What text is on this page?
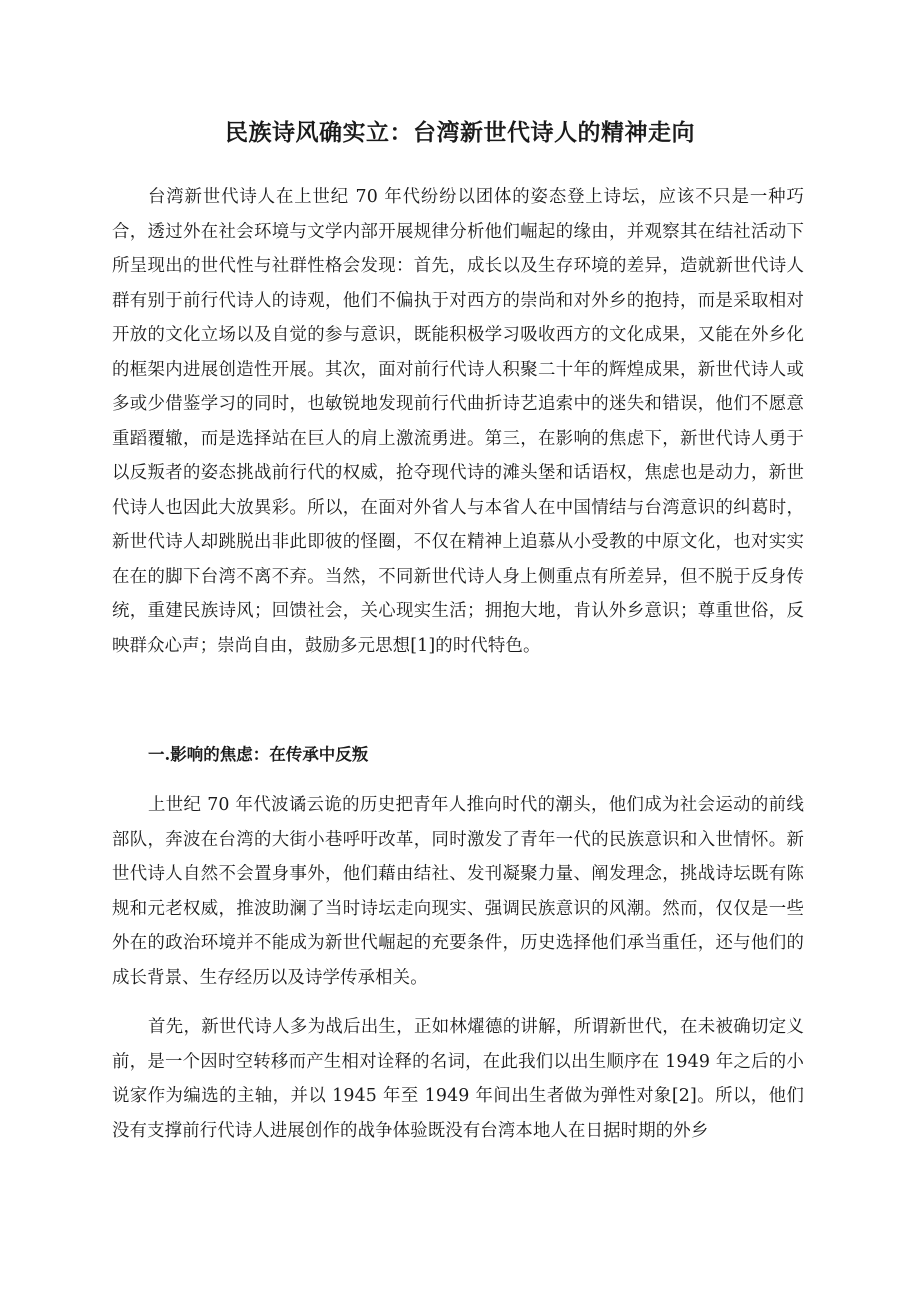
民族诗风确实立：台湾新世代诗人的精神走向

台湾新世代诗人在上世纪 70 年代纷纷以团体的姿态登上诗坛，应该不只是一种巧合，透过外在社会环境与文学内部开展规律分析他们崛起的缘由，并观察其在结社活动下所呈现出的世代性与社群性格会发现：首先，成长以及生存环境的差异，造就新世代诗人群有别于前行代诗人的诗观，他们不偏执于对西方的崇尚和对外乡的抱持，而是采取相对开放的文化立场以及自觉的参与意识，既能积极学习吸收西方的文化成果，又能在外乡化的框架内进展创造性开展。其次，面对前行代诗人积聚二十年的辉煌成果，新世代诗人或多或少借鉴学习的同时，也敏锐地发现前行代曲折诗艺追索中的迷失和错误，他们不愿意重蹈覆辙，而是选择站在巨人的肩上激流勇进。第三，在影响的焦虑下，新世代诗人勇于以反叛者的姿态挑战前行代的权威，抢夺现代诗的滩头堡和话语权，焦虑也是动力，新世代诗人也因此大放異彩。所以，在面对外省人与本省人在中国情结与台湾意识的纠葛时，新世代诗人却跳脱出非此即彼的怪圈，不仅在精神上追慕从小受教的中原文化，也对实实在在的脚下台湾不离不弃。当然，不同新世代诗人身上侧重点有所差异，但不脱于反身传统，重建民族诗风；回馈社会，关心现实生活；拥抱大地，肯认外乡意识；尊重世俗，反映群众心声；崇尚自由，鼓励多元思想[1]的时代特色。

一.影响的焦虑：在传承中反叛

上世纪 70 年代波谲云诡的历史把青年人推向时代的潮头，他们成为社会运动的前线部队，奔波在台湾的大街小巷呼吁改革，同时激发了青年一代的民族意识和入世情怀。新世代诗人自然不会置身事外，他们藉由结社、发刊凝聚力量、阐发理念，挑战诗坛既有陈规和元老权威，推波助澜了当时诗坛走向现实、强调民族意识的风潮。然而，仅仅是一些外在的政治环境并不能成为新世代崛起的充要条件，历史选择他们承当重任，还与他们的成长背景、生存经历以及诗学传承相关。

首先，新世代诗人多为战后出生，正如林燿德的讲解，所谓新世代，在未被确切定义前，是一个因时空转移而产生相对诠释的名词，在此我们以出生顺序在 1949 年之后的小说家作为编选的主轴，并以 1945 年至 1949 年间出生者做为弹性对象[2]。所以，他们没有支撑前行代诗人进展创作的战争体验既没有台湾本地人在日据时期的外乡
